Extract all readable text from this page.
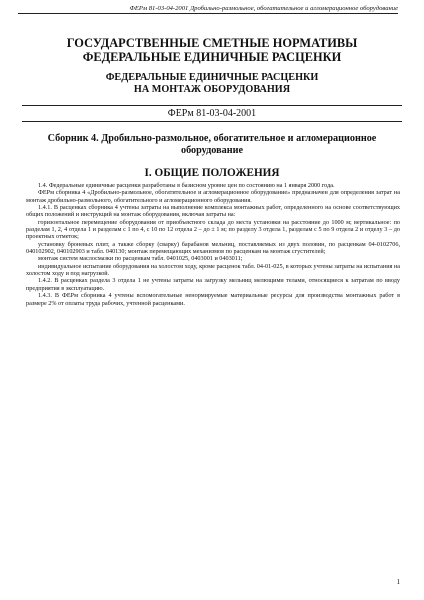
ФЕРм 81-03-04-2001 Дробильно-размольное, обогатительное и агломерационное оборудование
ГОСУДАРСТВЕННЫЕ СМЕТНЫЕ НОРМАТИВЫ
ФЕДЕРАЛЬНЫЕ ЕДИНИЧНЫЕ РАСЦЕНКИ
ФЕДЕРАЛЬНЫЕ ЕДИНИЧНЫЕ РАСЦЕНКИ
НА МОНТАЖ ОБОРУДОВАНИЯ
ФЕРм 81-03-04-2001
Сборник 4. Дробильно-размольное, обогатительное и агломерационное
оборудование
I. ОБЩИЕ ПОЛОЖЕНИЯ

1.4. Федеральные единичные расценки разработаны в базисном уровне цен по состоянию на 1 января 2000 года.

ФЕРм сборника 4 «Дробильно-размольное, обогатительное и агломерационное оборудование» предназначен для определения затрат на монтаж дробильно-размольного, обогатительного и агломерационного оборудования.

1.4.1. В расценках сборника 4 учтены затраты на выполнение комплекса монтажных работ, определенного на основе соответствующих общих положений и инструкций на монтаж оборудования, включая затраты на:

горизонтальное перемещение оборудования от приобъектного склада до места установки на расстояние до 1000 м; вертикальное: по разделам 1, 2, 4 отдела 1 и разделам с 1 по 4, с 10 по 12 отдела 2 – до ± 1 м; по разделу 3 отдела 1, разделам с 5 по 9 отдела 2 и отделу 3 – до проектных отметок;

установку броневых плит, а также сборку (сварку) барабанов мельниц, поставляемых из двух половин, по расценкам 04-0102706, 040102902, 040102903 и табл. 040130; монтаж перемещающих механизмов по расценкам на монтаж сгустителей;

монтаж систем маслосмазки по расценкам табл. 0401025, 0403001 и 0403011;

индивидуальное испытание оборудования на холостом ходу, кроме расценок табл. 04-01-025, в которых учтены затраты на испытания на холостом ходу и под нагрузкой.

1.4.2. В расценках раздела 3 отдела 1 не учтены затраты на загрузку мельниц мелющими телами, относящиеся к затратам по вводу предприятия в эксплуатацию.

1.4.3. В ФЕРм сборника 4 учтены вспомогательные ненормируемые материальные ресурсы для производства монтажных работ в размере 2% от оплаты труда рабочих, учтенной расценками.

1
